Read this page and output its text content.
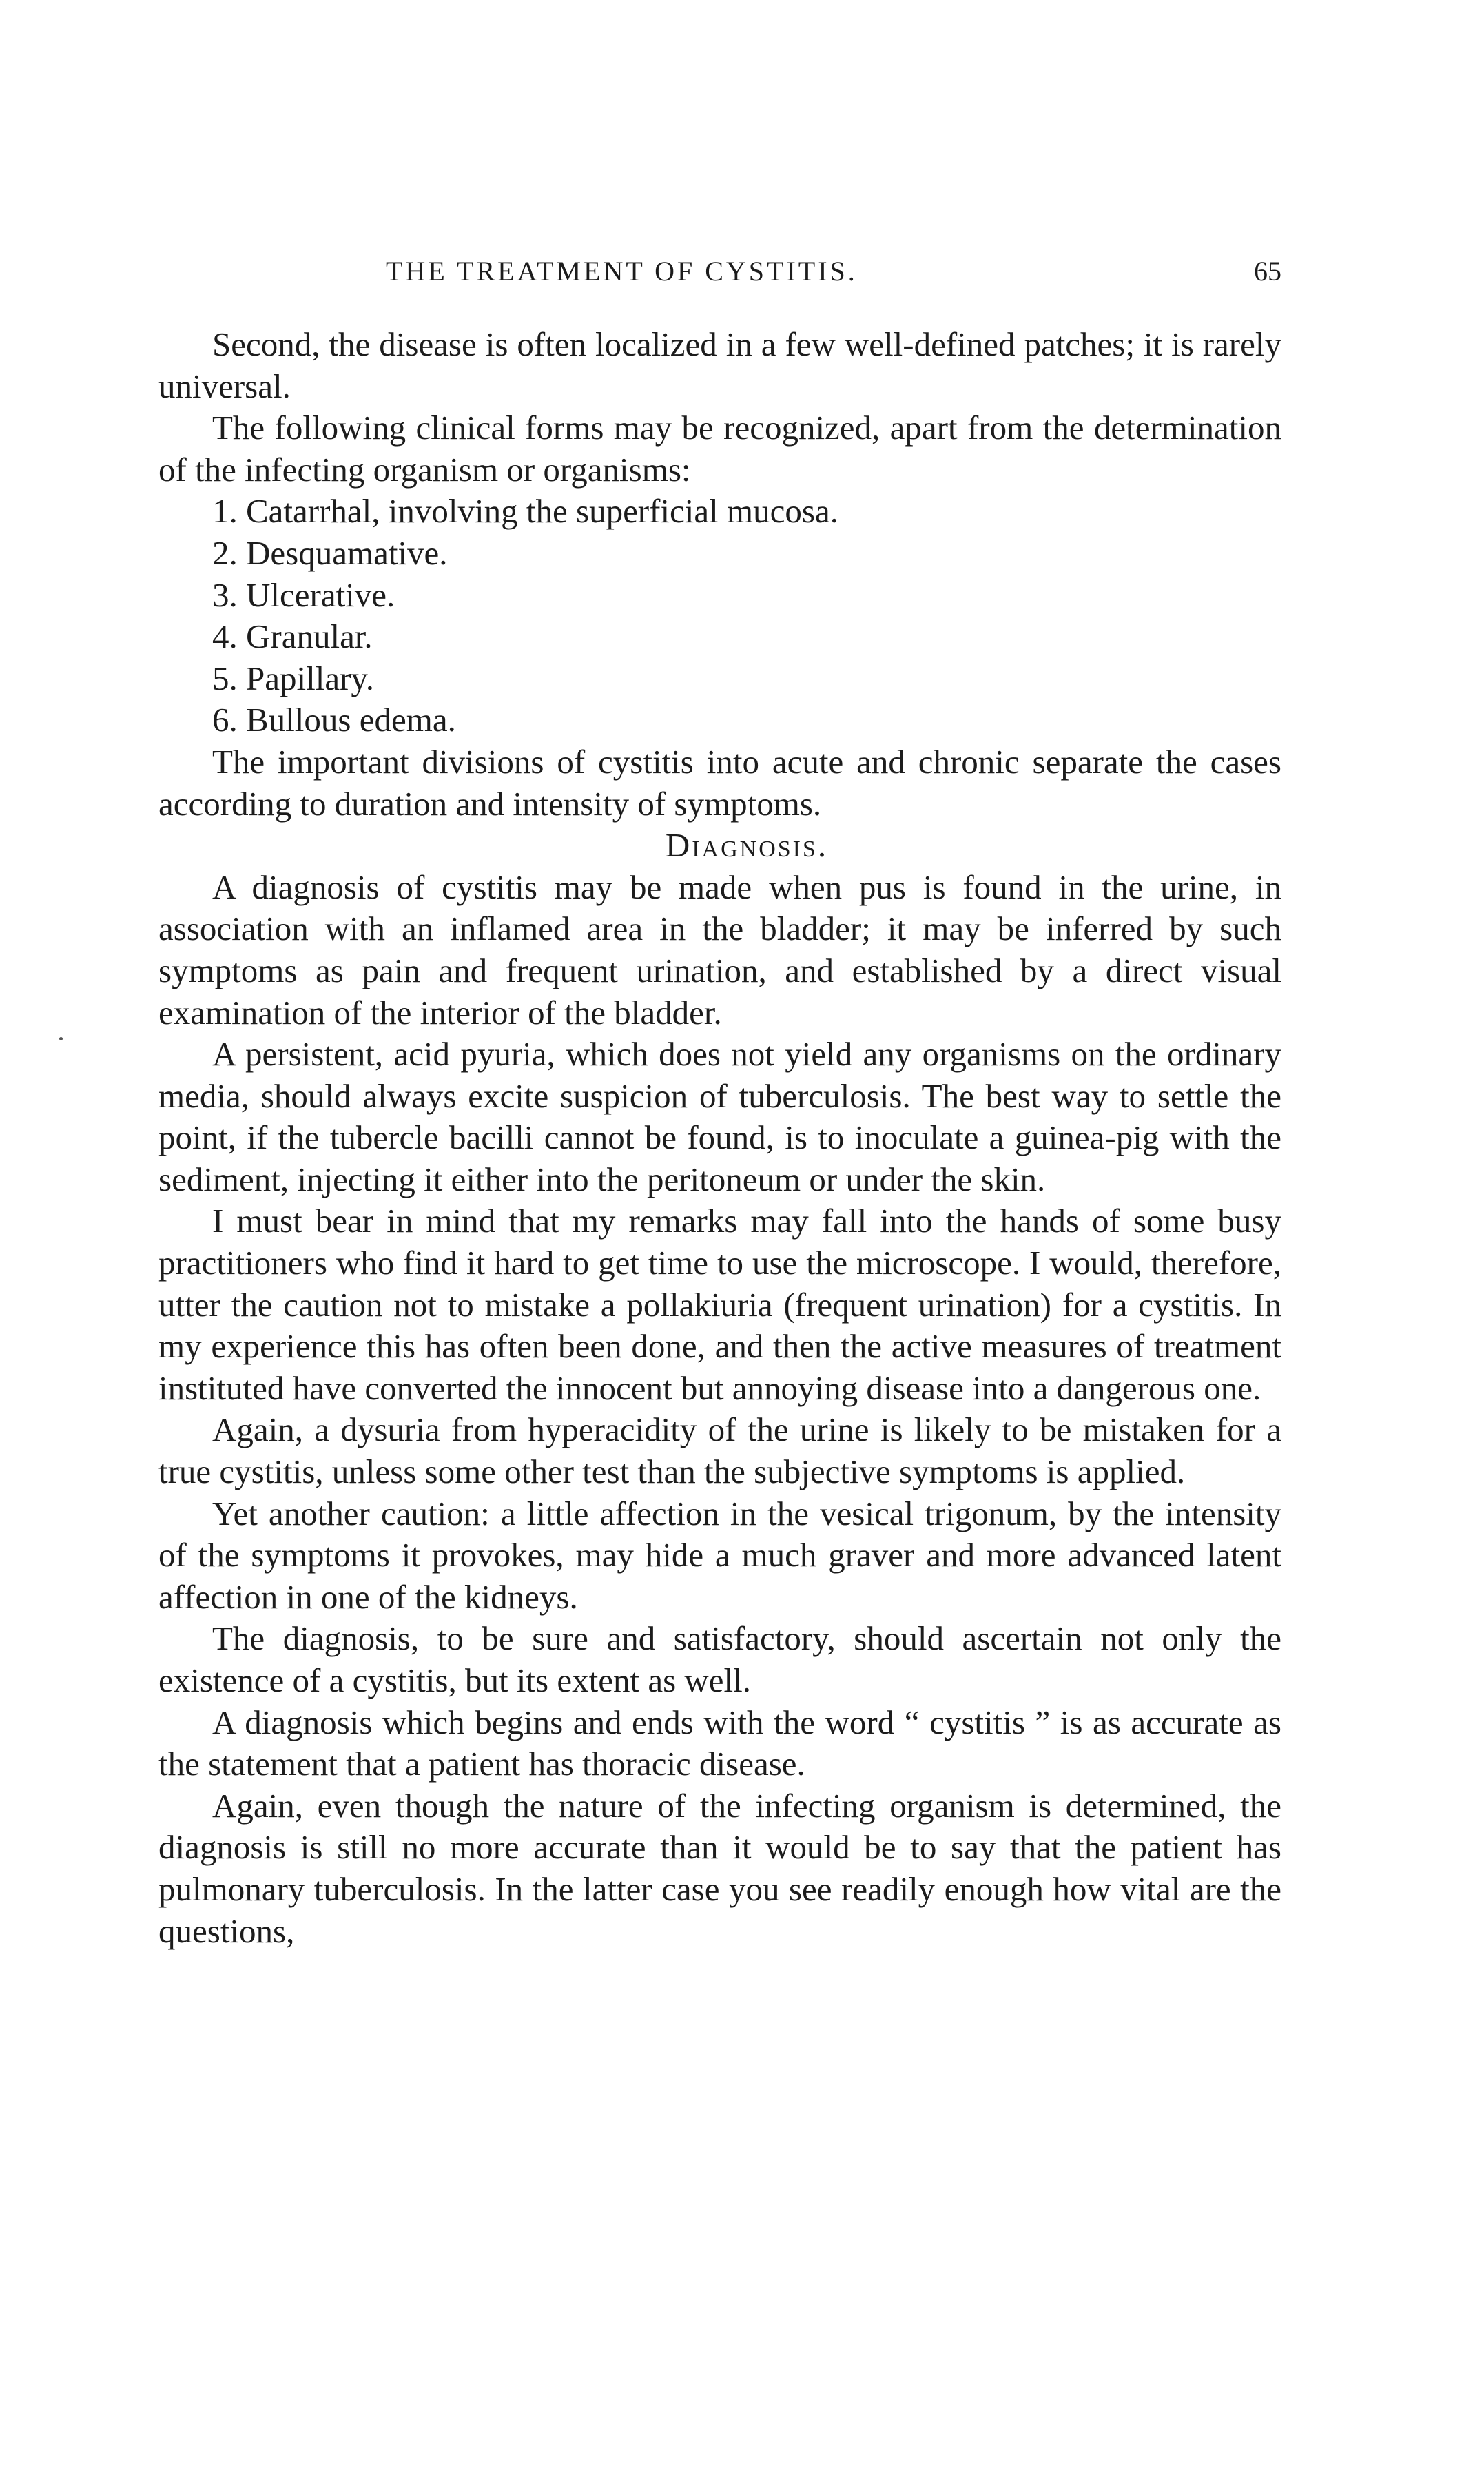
THE TREATMENT OF CYSTITIS.	65

Second, the disease is often localized in a few well-defined patches; it is rarely universal.

The following clinical forms may be recognized, apart from the determination of the infecting organism or organisms:

1. Catarrhal, involving the superficial mucosa.
2. Desquamative.
3. Ulcerative.
4. Granular.
5. Papillary.
6. Bullous edema.

The important divisions of cystitis into acute and chronic separate the cases according to duration and intensity of symptoms.

Diagnosis.

A diagnosis of cystitis may be made when pus is found in the urine, in association with an inflamed area in the bladder; it may be inferred by such symptoms as pain and frequent urination, and established by a direct visual examination of the interior of the bladder.

A persistent, acid pyuria, which does not yield any organisms on the ordinary media, should always excite suspicion of tuberculosis. The best way to settle the point, if the tubercle bacilli cannot be found, is to inoculate a guinea-pig with the sediment, injecting it either into the peritoneum or under the skin.

I must bear in mind that my remarks may fall into the hands of some busy practitioners who find it hard to get time to use the microscope. I would, therefore, utter the caution not to mistake a pollakiuria (frequent urination) for a cystitis. In my experience this has often been done, and then the active measures of treatment instituted have converted the innocent but annoying disease into a dangerous one.

Again, a dysuria from hyperacidity of the urine is likely to be mistaken for a true cystitis, unless some other test than the subjective symptoms is applied.

Yet another caution: a little affection in the vesical trigonum, by the intensity of the symptoms it provokes, may hide a much graver and more advanced latent affection in one of the kidneys.

The diagnosis, to be sure and satisfactory, should ascertain not only the existence of a cystitis, but its extent as well.

A diagnosis which begins and ends with the word “ cystitis ” is as accurate as the statement that a patient has thoracic disease.

Again, even though the nature of the infecting organism is determined, the diagnosis is still no more accurate than it would be to say that the patient has pulmonary tuberculosis. In the latter case you see readily enough how vital are the questions,
